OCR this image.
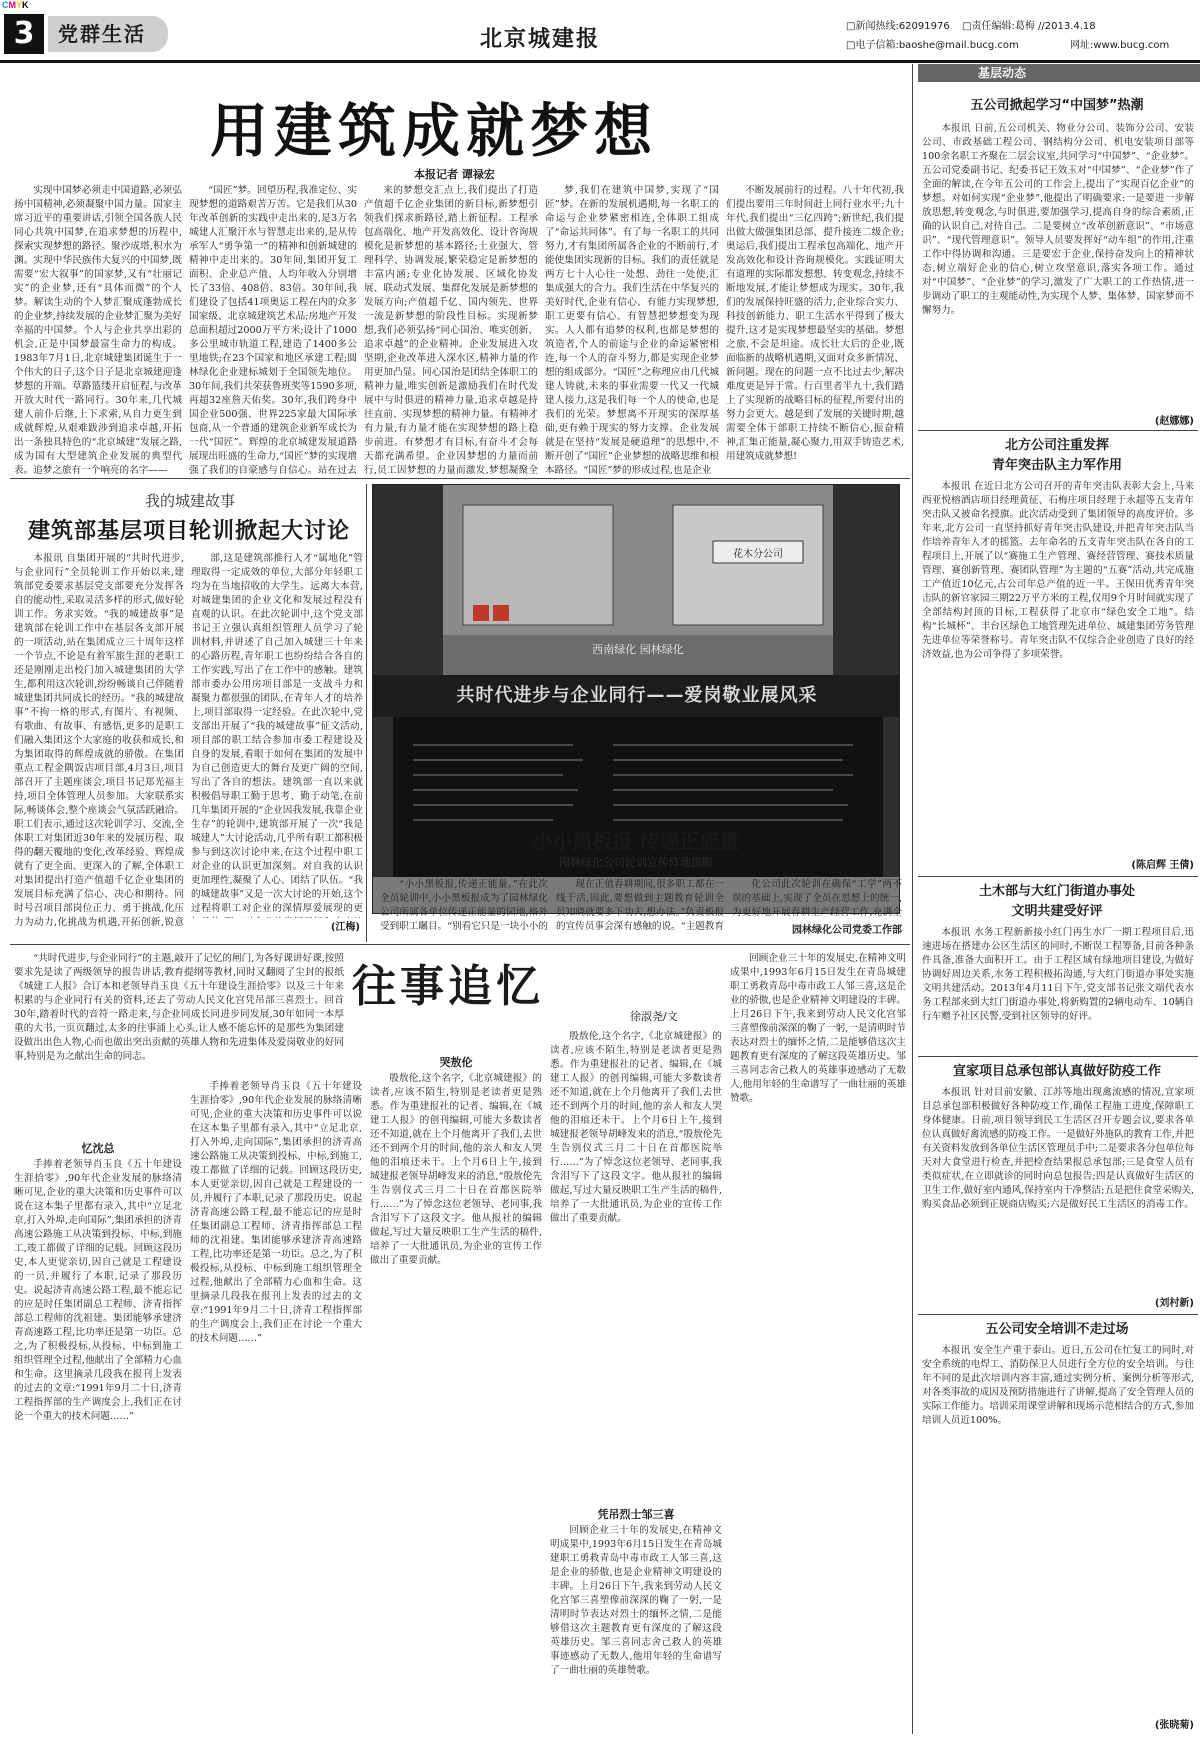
CMYK
3	党群生活	北京城建报
□新闻热线:62091976 □责任编辑:葛梅 //2013.4.18
□电子信箱:baoshe@mail.bucg.com	网址:www.bucg.com
用建筑成就梦想
本报记者 谭禄宏

实现中国梦必须走中国道路,必须弘扬中国精神,必须凝聚中国力量。国家主席习近平的重要讲话,引领全国各族人民同心共筑中国梦,在追求梦想的历程中,探索实现梦想的路径。聚沙成塔,积水为渊。实现中华民族伟大复兴的中国梦,既需要“宏大叙事”的国家梦,又有“壮丽记实”的企业梦,还有“具体而微”的个人梦。解读生动的个人梦汇聚成蓬勃成长的企业梦,持续发展的企业梦汇聚为美好幸福的中国梦。个人与企业共享出彩的机会,正是中国梦最富生命力的构成。1983年7月1日,北京城建集团诞生于一个伟大的日子,这个日子是北京城建迎逢梦想的开端。草路篮缕开启征程,与改革开放大时代一路同行。30年来,几代城建人前仆后继,上下求索,从自力更生到成就辉煌,从艰难跋涉到追求卓越,开拓出一条独具特色的“北京城建”发展之路,成为国有大型建筑企业发展的典型代表。追梦之旅有一个响亮的名字——

“国匠”梦。回望历程,我准定位、实现梦想的道路艰苦万苦。它是我们从30年改革创新的实践中走出来的,是3万名城建人汇聚汗水与智慧走出来的,是从传承军人“勇争第一”的精神和创新城建的精神中走出来的。30年间,集团开复工面积、企业总产值、人均年收入分别增长了33倍、408倍、83倍。30年间,我们建设了包括41项奥运工程在内的众多国家级、北京城建筑艺术品;房地产开发总面积超过2000万平方米;设计了1000多公里城市轨道工程,建造了1400多公里地铁;在23个国家和地区承建工程;圆林绿化企业建标城划于全国领先地位。30年间,我们共荣获鲁班奖等1590多项,再超32座詹天佑奖。30年,我们跨身中国企业500强、世界225家最大国际承包商,从一个普通的建筑企业新军成长为一代“国匠”。辉煌的北京城建发展道路展现出旺盛的生命力,“国匠”梦的实现增强了我们的自豪感与自信心。站在过去

来的梦想交汇点上,我们提出了打造产值超千亿企业集团的新目标,新梦想引领我们探求新路径,踏上新征程。工程承包高端化、地产开发高效化、设计咨询规模化是新梦想的基本路径;土业强大、管理科学、协调发展,繁荣稳定是新梦想的丰富内涵;专业化协发展、区域化协发展、联动式发展、集群化发展是新梦想的发展方向;产值超千亿、国内领先、世界一流是新梦想的阶段性目标。实现新梦想,我们必须弘扬“同心国治、唯实创新、追求卓越”的企业精神。企业发展进入攻坚期,企业改革进入深水区,精神力量的作用更加凸显。同心国治是团结全体职工的精神力量,唯实创新是激励我们在时代发展中与时俱进的精神力量,追求卓越是持往直前、实现梦想的精神力量。有精神才有力量,有力量才能在实现梦想的路上稳步前进。有梦想才有目标,有奋斗才会每天都充满希望。企业因梦想的力量而前行,员工因梦想的力量而激发,梦想凝聚全

梦,我们在建筑中国梦,实现了“国匠”梦。在新的发展机遇期,每一名职工的命运与企业梦紧密相连,全体职工组成了“命运共同体”。有了每一名职工的共同努力,才有集团所属各企业的不断前行,才能使集团实现新的目标。我们的责任就是两方七十人心往一处想、劲往一处使,汇集成强大的合力。我们生活在中华复兴的美好时代,企业有信心、有能力实现梦想,职工更要有信心、有智慧把梦想变为现实。人人都有追梦的权利,也都是梦想的筑造者,个人的前途与企业的命运紧密相连,每一个人的奋斗努力,都是实现企业梦想的组成部分。“国匠”之称理应由几代城建人铸就,未来的事业需要一代又一代城建人接力,这是我们每一个人的使命,也是我们的光荣。梦想离不开现实的深厚基础,更有赖于现实的努力支撑。企业发展就是在坚持“发展是硬道理”的思想中,不断开创了“国匠”企业梦想的战略思维和根本路径。“国匠”梦的形成过程,也是企业

不断发展前行的过程。八十年代初,我们提出要用三年时间赶上同行业水平;九十年代,我们提出“三亿四跨”;新世纪,我们提出做大做强集团总部、提升接连二级企业;奥运后,我们提出工程承包高端化、地产开发高效化和设计咨询规模化。实践证明大有道理的实际都发想想、转变观念,持续不断地发展,才能让梦想成为现实。30年,我们的发展保持旺盛的活力,企业综合实力、科技创新能力、职工生活水平得到了极大提升,这才是实现梦想最坚实的基础。梦想之旅,不会是坦途。成长壮大后的企业,既面临新的战略机遇期,又面对众多新情况、新问题。现在的问题一点不比过去少,解决难度更是异于常。行百里者半九十,我们踏上了实现新的战略目标的征程,所要付出的努力会更大。越是到了发展的关键时期,越需要全体干部职工持续不断信心,振奋精神,汇集正能量,凝心聚力,用双手铸造艺术,用建筑成就梦想!

我的城建故事
建筑部基层项目轮训掀起大讨论

本报讯 自集团开展的“共时代进步,与企业同行”全员轮训工作开始以来,建筑部党委要求基层党支部要充分发挥各自的能动性,采取灵活多样的形式,做好轮训工作。务求实效。“我的城建故事”是建筑部在轮训工作中在基层各支部开展的一项活动,站在集团成立三十周年这样一个节点,不论是有着军旅生涯的老职工还是刚刚走出校门加入城建集团的大学生,都利用这次轮训,纷纷畅谈自己伴随着城建集团共同成长的经历。“我的城建故事”不拘一格的形式,有图片、有视频、有歌曲、有故事、有感悟,更多的是职工们融入集团这个大家庭的收获和成长,和为集团取得的辉煌成就的骄傲。在集团重点工程金隅饭店项目部,4月3日,项目部召开了主题座谈会,项目书记郑光福主持,项目全体管理人员参加。大家联系实际,畅谈体会,整个座谈会气氛活跃融洽。职工们表示,通过这次轮训学习、交流,全体职工对集团近30年来的发展历程、取得的翻天覆地的变化,改革经验、辉煌成就有了更全面、更深入的了解,全体职工对集团提出打造产值超千亿企业集团的发展目标充满了信心、决心和期待。同时号召项目部岗位正力、勇于挑战,化压力为动力,化挑战为机遇,开拓创新,锐意

部,这是建筑部推行人才“属地化”管理取得一定成效的单位,大部分年轻职工均为在当地招收的大学生。远离大本营,对城建集团的企业文化和发展过程没有直观的认识。在此次轮训中,这个党支部书记王立强认真组织管理人员学习了轮训材料,并讲述了自己加入城建三十年来的心路历程,青年职工也纷纷结合各自的工作实践,写出了在工作中的感触。建筑部市委办公用房项目部是一支战斗力和凝聚力都很强的团队,在青年人才的培养上,项目部取得一定经验。在此次轮中,党支部出开展了“我的城建故事”征文活动,项目部的职工结合参加市委工程建设及自身的发展,看眼于如何在集团的发展中为自己创造更大的舞台及更广阔的空间,写出了各自的想法。建筑部一直以来就积极倡导职工勤于思考、勤于动笔,在前几年集团开展的“企业因我发展,我靠企业生存”的轮训中,建筑部开展了一次“我是城建人”大讨论活动,几乎所有职工都积极参与到这次讨论中来,在这个过程中职工对企业的认识更加深刻。对自我的认识更加理性,凝聚了人心、团结了队伍。“我的城建故事”又是一次大讨论的开始,这个过程将职工对企业的深情厚爱展现的更

(江梅)
共时代进步与企业同行——爱岗敬业展风采
西南绿化 园林绿化
花木分公司
小小黑板报 传递正能量
园林绿化公司轮训宣传阵地掠影

“小小黑板报,传递正能量。”在此次全员轮训中,小小黑板报成为了园林绿化公司所属各单位传递正能量的园地,格外受到职工瞩目。“别看它只是一块小小的

现在正值春耕期间,很多职工都在一线干活,因此,要想做到主题教育轮训全员知晓就要多下功夫,想办法。”负责板报的宣传员事会深有感触的说。“主题教育

化公司此次轮训在确保“工学”两不误的基础上,实现了全员在思想上的统一,为更好地开展春耕生产经营工作,充满全

园林绿化公司党委工作部
往事追忆
徐淑尧/文

“共时代进步,与企业同行”的主题,敲开了记忆的闸门,为各好课讲好课,按照要求先是读了两级领导的报告讲话,教育提纲等教材,同时又翻阅了尘封的报纸《城建工人报》合订本和老领导肖玉良《五十年建设生涯拾零》以及三十年来积累的与企业同行有关的资料,还去了劳动人民文化宫凭吊部三喜烈士。回首30年,踏着时代的音符一路走来,与企业同成长同进步同发展,30年如同一本厚重的大书,一页页翻过,太多的往事涌上心头,让人感不能忘怀的是那些为集团建设做出出色人物,心而也做出突出贡献的英雄人物和先进集体及爱岗敬业的好同事,特别是为之献出生命的同志。

忆沈总

手捧着老领导肖玉良《五十年建设生涯拾零》,90年代企业发展的脉络清晰可见,企业的重大决策和历史事件可以说在这本集子里都有录入,其中“立足北京,打入外埠,走向国际”,集团承担的济青高速公路施工从决策到投标、中标,到施工,竣工都做了详细的记载。回顾这段历史,本人更觉亲切,因自己就是工程建设的一员,并履行了本职,记录了那段历史。说起济青高速公路工程,最不能忘记的应是时任集团副总工程师、济青指挥部总工程师的沈祖建。集团能够承建济青高速路工程,比功率还是第一功臣。总之,为了积极投标,从投标、中标到施工组织管理全过程,他献出了全部精力心血和生命。这里摘录几段我在报刊上发表的过去的文章:“1991年9月二十日,济青工程指挥部的生产调度会上,我们正在讨论一个重大的技术问题……”

手捧着老领导肖玉良《五十年建设生涯拾零》,90年代企业发展的脉络清晰可见,企业的重大决策和历史事件可以说在这本集子里都有录入,其中“立足北京,打入外埠,走向国际”,集团承担的济青高速公路施工从决策到投标、中标,到施工,竣工都做了详细的记载。回顾这段历史,本人更觉亲切,因自己就是工程建设的一员,并履行了本职,记录了那段历史。说起济青高速公路工程,最不能忘记的应是时任集团副总工程师、济青指挥部总工程师的沈祖建。集团能够承建济青高速路工程,比功率还是第一功臣。总之,为了积极投标,从投标、中标到施工组织管理全过程,他献出了全部精力心血和生命。这里摘录几段我在报刊上发表的过去的文章:“1991年9月二十日,济青工程指挥部的生产调度会上,我们正在讨论一个重大的技术问题……”

哭敖伦

殷敖伦,这个名字,《北京城建报》的读者,应该不陌生,特别是老读者更是熟悉。作为重建报社的记者、编辑,在《城建工人报》的创刊编辑,可能大多数读者还不知道,就在上个月他离开了我们,去世还不到两个月的时间,他的亲人和友人哭他的泪痕还未干。上个月6日上午,接到城建报老领导胡峰发来的消息,“殷敖伦先生告别仪式三月二十日在首都医院举行……”为了悼念这位老领导、老同事,我含泪写下了这段文字。他从报社的编辑做起,写过大量反映职工生产生活的稿件,培养了一大批通讯员,为企业的宣传工作做出了重要贡献。

殷敖伦,这个名字,《北京城建报》的读者,应该不陌生,特别是老读者更是熟悉。作为重建报社的记者、编辑,在《城建工人报》的创刊编辑,可能大多数读者还不知道,就在上个月他离开了我们,去世还不到两个月的时间,他的亲人和友人哭他的泪痕还未干。上个月6日上午,接到城建报老领导胡峰发来的消息,“殷敖伦先生告别仪式三月二十日在首都医院举行……”为了悼念这位老领导、老同事,我含泪写下了这段文字。他从报社的编辑做起,写过大量反映职工生产生活的稿件,培养了一大批通讯员,为企业的宣传工作做出了重要贡献。

凭吊烈士邹三喜

回顾企业三十年的发展史,在精神文明成果中,1993年6月15日发生在青岛城建职工勇救青岛中毒市政工人邹三喜,这是企业的骄傲,也是企业精神文明建设的丰碑。上月26日下午,我来到劳动人民文化宫邹三喜塑像前深深的鞠了一躬,一是清明时节表达对烈士的缅怀之情,二是能够借这次主题教育更有深度的了解这段英雄历史。邹三喜同志舍己救人的英雄事迹感动了无数人,他用年轻的生命谱写了一曲壮丽的英雄赞歌。

回顾企业三十年的发展史,在精神文明成果中,1993年6月15日发生在青岛城建职工勇救青岛中毒市政工人邹三喜,这是企业的骄傲,也是企业精神文明建设的丰碑。上月26日下午,我来到劳动人民文化宫邹三喜塑像前深深的鞠了一躬,一是清明时节表达对烈士的缅怀之情,二是能够借这次主题教育更有深度的了解这段英雄历史。邹三喜同志舍己救人的英雄事迹感动了无数人,他用年轻的生命谱写了一曲壮丽的英雄赞歌。

基层动态
五公司掀起学习“中国梦”热潮

本报讯 日前,五公司机关、物业分公司、装饰分公司、安装公司、市政基础工程公司、钢结构分公司、机电安装项目部等100余名职工齐聚在二层会议室,共同学习“中国梦”、“企业梦”。五公司党委副书记、纪委书记王效玉对“中国梦”、“企业梦”作了全面的解读,在今年五公司的工作会上,提出了“实现百亿企业”的梦想。对如何实现“企业梦”,他提出了明确要求:一是要进一步解放思想,转变观念,与时俱进,要加强学习,提高自身的综合素质,正确的认识自己,对待自己。二是要树立“改革创新意识”、“市场意识”、“现代管理意识”。领导人员要发挥好“动车组”的作用,注重工作中得协调和沟通。三是要宏于企业,保持奋发向上的精神状态,树立端好企业的信心,树立攻坚意识,落实各项工作。通过对“中国梦”、“企业梦”的学习,激发了广大职工的工作热情,进一步调动了职工的主观能动性,为实现个人梦、集体梦、国家梦而不懈努力。

(赵娜娜)
北方公司注重发挥
青年突击队主力军作用

本报讯 在近日北方公司召开的青年突击队表彰大会上,马来西亚悦榕酒店项目经理黄征、石梅庄项目经理于永超等五支青年突击队又被命名授旗。此次活动受到了集团领导的高度评价。多年来,北方公司一直坚持抓好青年突击队建设,并把青年突击队当作培养青年人才的摇篮。去年命名的五支青年突击队在各自的工程项目上,开展了以“赛施工生产管理、赛经营管理、赛技术质量管理、赛创新管理、赛团队管理”为主题的“五赛”活动,共完成施工产值近10亿元,占公司年总产值的近一半。王保田优秀青年突击队的新官家园三期22万平方米的工程,仅用9个月时间就实现了全部结构封顶的目标,工程获得了北京市“绿色安全工地”。结构“长城杯”、丰台区绿色工地管理先进单位、城建集团劳务管理先进单位等荣誉称号。青年突击队不仅综合企业创造了良好的经济效益,也为公司争得了多项荣誉。

(陈启辉 王倩)
土木部与大红门街道办事处
文明共建受好评

本报讯 水务工程新新接小红门再生水厂一期工程项目后,迅速进场在搭建办公区生活区的同时,不断误工程筹备,目前各种条件具备,准备大面积开工。由于工程区域有绿地项目建设,为做好协调好周边关系,水务工程积极拓沟通,与大红门街道办事处实施文明共建活动。2013年4月11日下午,党支部书记张文端代表水务工程部来到大红门街道办事处,将新购置的2辆电动车、10辆自行车赠予社区民警,受到社区领导的好评。

宣家项目总承包部认真做好防疫工作

本报讯 针对目前安徽、江苏等地出现禽流感的情况,宣家项目总承包部积极做好各种防疫工作,确保工程施工进度,保障职工身体健康。日前,项目领导到民工生活区召开专题会议,要求各单位认真做好禽流感的防疫工作。一是做好外施队的教育工作,并把有关资料发放到各单位生活区管理员手中;二是要求各分包单位每天对大食堂进行检查,并把检查结果报总承包部;三是食堂人员有类似症状,在立即就诊的同时向总包报告;四是认真做好生活区的卫生工作,做好室内通风,保持室内干净整洁;五是把住食堂采购关,购买食品必须到正规商店购买;六是做好民工生活区的消毒工作。

(刘村新)
五公司安全培训不走过场

本报讯 安全生产重于泰山。近日,五公司在忙复工的同时,对安全系统的电焊工、消防保卫人员进行全方位的安全培训。与往年不同的是此次培训内容丰富,通过实例分析、案例分析等形式,对各类事故的成因及预防措施进行了讲解,提高了安全管理人员的实际工作能力。培训采用课堂讲解和现场示范相结合的方式,参加培训人员近100%。

(张晓菊)
